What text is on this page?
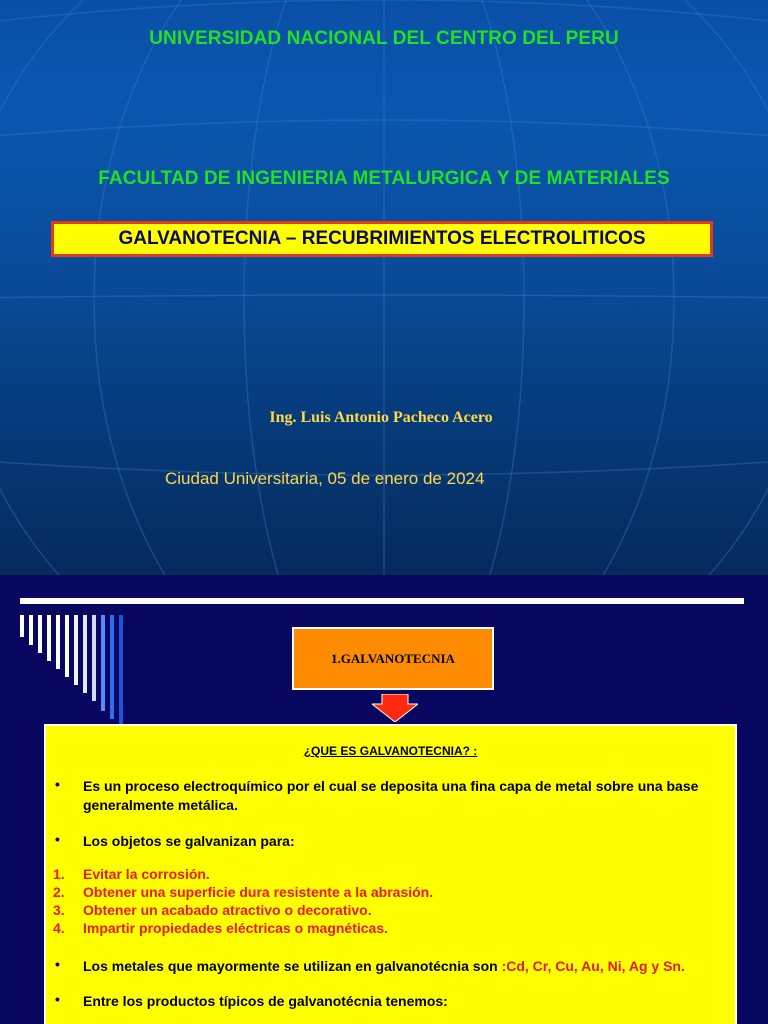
UNIVERSIDAD NACIONAL DEL CENTRO DEL PERU
FACULTAD DE INGENIERIA METALURGICA Y DE MATERIALES
GALVANOTECNIA – RECUBRIMIENTOS ELECTROLITICOS
Ing. Luis Antonio Pacheco Acero
Ciudad Universitaria, 05 de enero de 2024
1.GALVANOTECNIA
¿QUE ES GALVANOTECNIA? :
• Es un proceso electroquímico por el cual se deposita una fina capa de metal sobre una base generalmente metálica.
• Los objetos se galvanizan para:
1. Evitar la corrosión.
2. Obtener una superficie dura resistente a la abrasión.
3. Obtener un acabado atractivo o decorativo.
4. Impartir propiedades eléctricas o magnéticas.
• Los metales que mayormente se utilizan en galvanotécnia son :Cd, Cr, Cu, Au, Ni, Ag y Sn.
• Entre los productos típicos de galvanotécnia tenemos:
